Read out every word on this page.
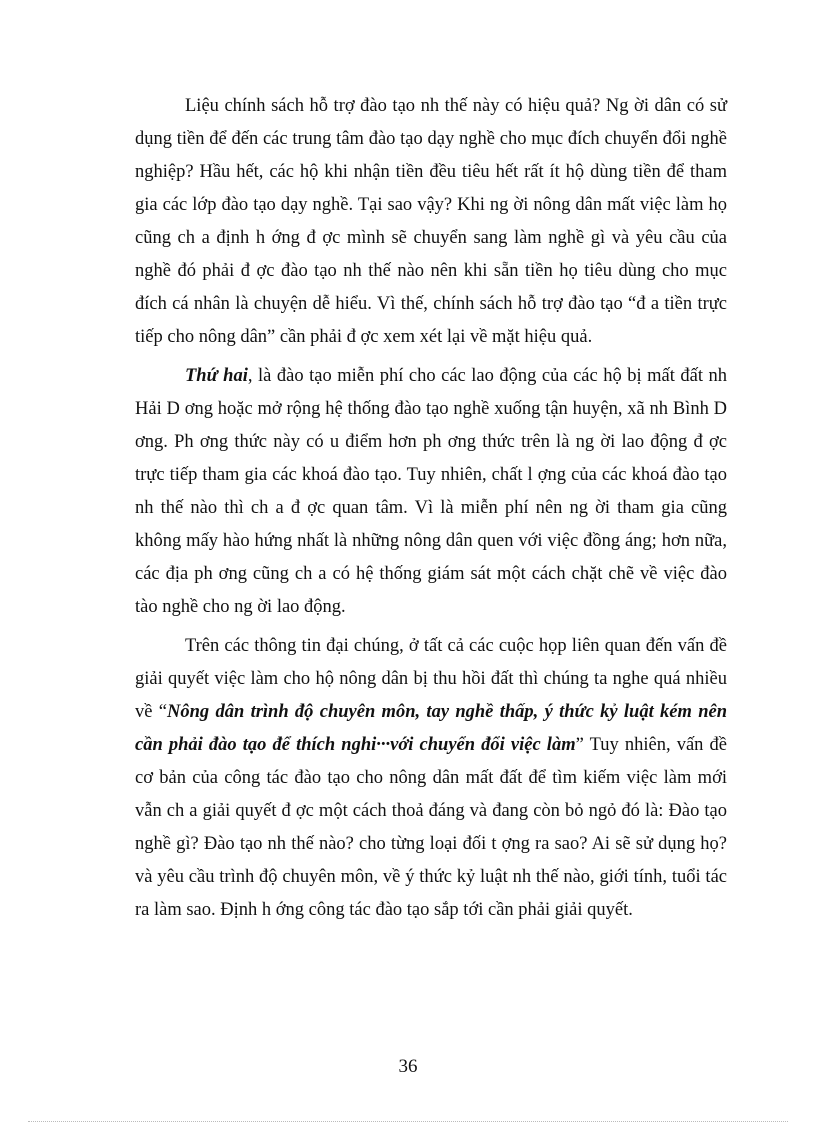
Liệu chính sách hỗ trợ đào tạo nh thế này có hiệu quả? Ng ời dân có sử dụng tiền để đến các trung tâm đào tạo dạy nghề cho mục đích chuyển đổi nghề nghiệp? Hầu hết, các hộ khi nhận tiền đều tiêu hết rất ít hộ dùng tiền để tham gia các lớp đào tạo dạy nghề. Tại sao vậy? Khi ng ời nông dân mất việc làm họ cũng ch a định h ớng đ ợc mình sẽ chuyển sang làm nghề gì và yêu cầu của nghề đó phải đ ợc đào tạo nh thế nào nên khi sẵn tiền họ tiêu dùng cho mục đích cá nhân là chuyện dễ hiểu. Vì thế, chính sách hỗ trợ đào tạo “đ a tiền trực tiếp cho nông dân” cần phải đ ợc xem xét lại về mặt hiệu quả.

Thứ hai, là đào tạo miễn phí cho các lao động của các hộ bị mất đất nh Hải D ơng hoặc mở rộng hệ thống đào tạo nghề xuống tận huyện, xã nh Bình D ơng. Ph ơng thức này có u điểm hơn ph ơng thức trên là ng ời lao động đ ợc trực tiếp tham gia các khoá đào tạo. Tuy nhiên, chất l ợng của các khoá đào tạo nh thế nào thì ch a đ ợc quan tâm. Vì là miễn phí nên ng ời tham gia cũng không mấy hào hứng nhất là những nông dân quen với việc đồng áng; hơn nữa, các địa ph ơng cũng ch a có hệ thống giám sát một cách chặt chẽ về việc đào tào nghề cho ng ời lao động.

Trên các thông tin đại chúng, ở tất cả các cuộc họp liên quan đến vấn đề giải quyết việc làm cho hộ nông dân bị thu hồi đất thì chúng ta nghe quá nhiều về “Nông dân trình độ chuyên môn, tay nghề thấp, ý thức kỷ luật kém nên cần phải đào tạo để thích nghi···với chuyển đổi việc làm” Tuy nhiên, vấn đề cơ bản của công tác đào tạo cho nông dân mất đất để tìm kiếm việc làm mới vẫn ch a giải quyết đ ợc một cách thoả đáng và đang còn bỏ ngỏ đó là: Đào tạo nghề gì? Đào tạo nh thế nào? cho từng loại đối t ợng ra sao? Ai sẽ sử dụng họ? và yêu cầu trình độ chuyên môn, về ý thức kỷ luật nh thế nào, giới tính, tuổi tác ra làm sao. Định h ớng công tác đào tạo sắp tới cần phải giải quyết.

36
